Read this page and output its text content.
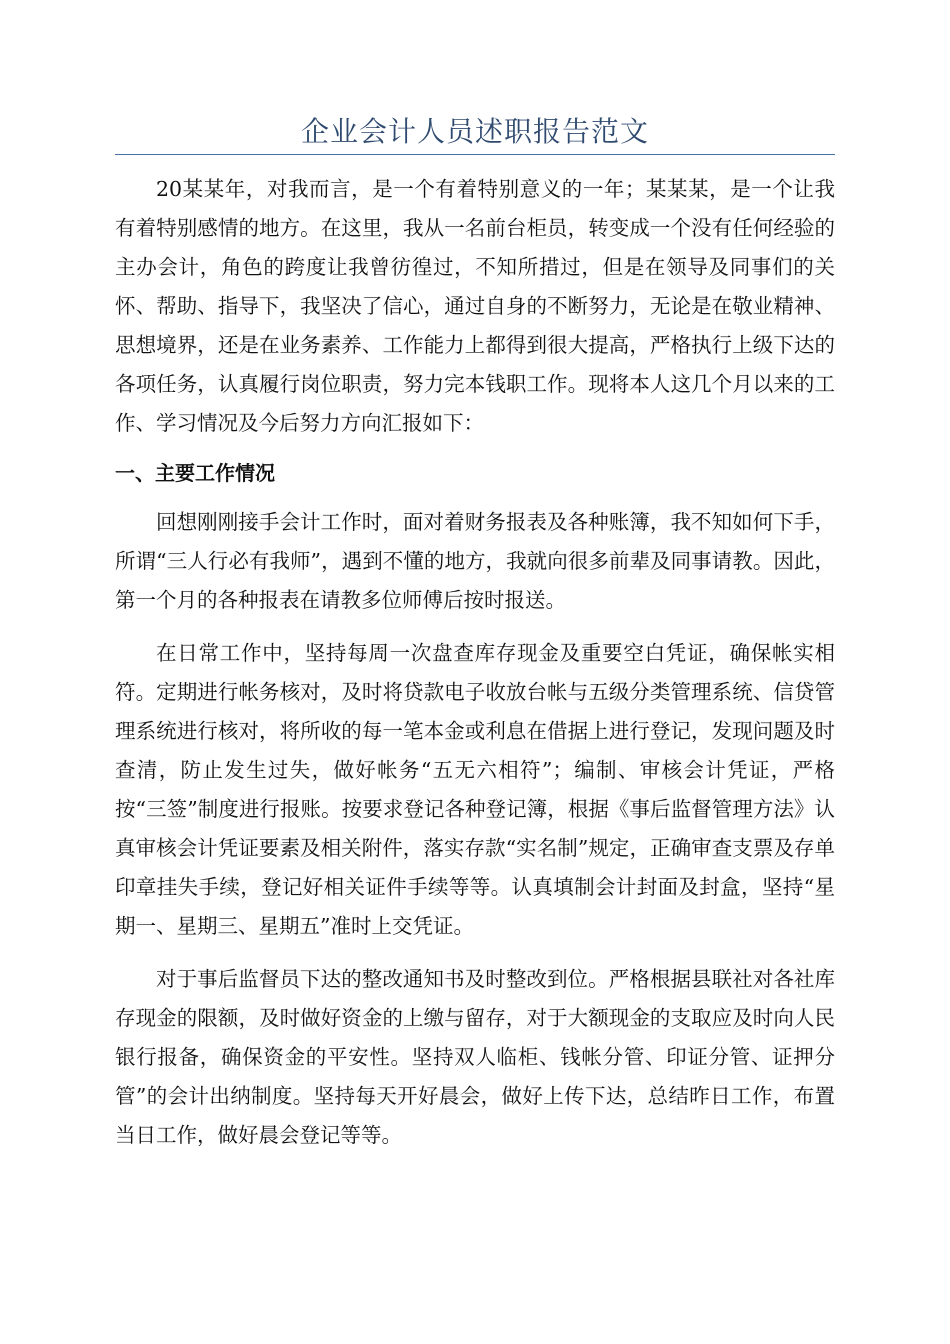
企业会计人员述职报告范文

20某某年，对我而言，是一个有着特别意义的一年；某某某，是一个让我有着特别感情的地方。在这里，我从一名前台柜员，转变成一个没有任何经验的主办会计，角色的跨度让我曾彷徨过，不知所措过，但是在领导及同事们的关怀、帮助、指导下，我坚决了信心，通过自身的不断努力，无论是在敬业精神、思想境界，还是在业务素养、工作能力上都得到很大提高，严格执行上级下达的各项任务，认真履行岗位职责，努力完本钱职工作。现将本人这几个月以来的工作、学习情况及今后努力方向汇报如下：

一、主要工作情况

回想刚刚接手会计工作时，面对着财务报表及各种账簿，我不知如何下手，所谓“三人行必有我师”，遇到不懂的地方，我就向很多前辈及同事请教。因此，第一个月的各种报表在请教多位师傅后按时报送。

在日常工作中，坚持每周一次盘查库存现金及重要空白凭证，确保帐实相符。定期进行帐务核对，及时将贷款电子收放台帐与五级分类管理系统、信贷管理系统进行核对，将所收的每一笔本金或利息在借据上进行登记，发现问题及时查清，防止发生过失，做好帐务“五无六相符”；编制、审核会计凭证，严格按“三签”制度进行报账。按要求登记各种登记簿，根据《事后监督管理方法》认真审核会计凭证要素及相关附件，落实存款“实名制”规定，正确审查支票及存单印章挂失手续，登记好相关证件手续等等。认真填制会计封面及封盒，坚持“星期一、星期三、星期五”准时上交凭证。

对于事后监督员下达的整改通知书及时整改到位。严格根据县联社对各社库存现金的限额，及时做好资金的上缴与留存，对于大额现金的支取应及时向人民银行报备，确保资金的平安性。坚持双人临柜、钱帐分管、印证分管、证押分管”的会计出纳制度。坚持每天开好晨会，做好上传下达，总结昨日工作，布置当日工作，做好晨会登记等等。
